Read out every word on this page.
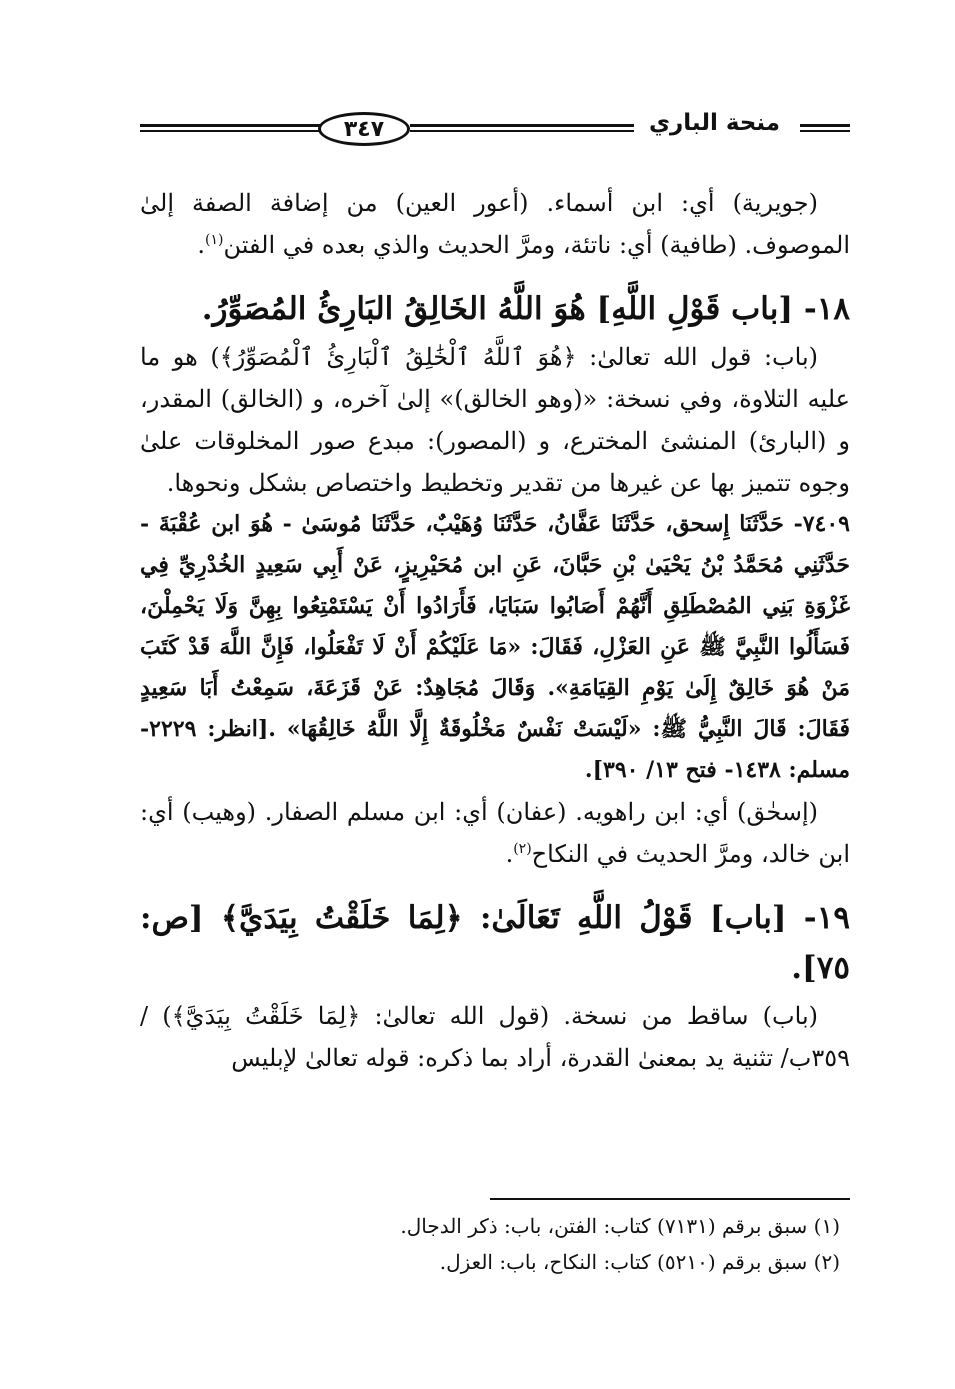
٣٤٧	منحة الباري

(جويرية) أي: ابن أسماء. (أعور العين) من إضافة الصفة إلىٰ الموصوف. (طافية) أي: ناتئة، ومرَّ الحديث والذي بعده في الفتن$^{(١)}$.

١٨- [باب قَوْلِ اللَّهِ] هُوَ اللَّهُ الخَالِقُ البَارِئُ المُصَوِّرُ.

(باب: قول الله تعالىٰ: ﴿هُوَ ٱللَّهُ ٱلْخَٰلِقُ ٱلْبَارِئُ ٱلْمُصَوِّرُ﴾) هو ما عليه التلاوة، وفي نسخة: «(وهو الخالق)» إلىٰ آخره، و (الخالق) المقدر، و (البارئ) المنشئ المخترع، و (المصور): مبدع صور المخلوقات علىٰ وجوه تتميز بها عن غيرها من تقدير وتخطيط واختصاص بشكل ونحوها.

٧٤٠٩- حَدَّثَنَا إِسحق، حَدَّثَنَا عَفَّانُ، حَدَّثَنَا وُهَيْبٌ، حَدَّثَنَا مُوسَىٰ - هُوَ ابن عُقْبَةَ - حَدَّثَنِي مُحَمَّدُ بْنُ يَحْيَىٰ بْنِ حَبَّانَ، عَنِ ابن مُحَيْرِيزٍ، عَنْ أَبِي سَعِيدٍ الخُدْرِيِّ فِي غَزْوَةِ بَنِي المُصْطَلِقِ أَنَّهُمْ أَصَابُوا سَبَايَا، فَأَرَادُوا أَنْ يَسْتَمْتِعُوا بِهِنَّ وَلَا يَحْمِلْنَ، فَسَأَلُوا النَّبِيَّ ﷺ عَنِ العَزْلِ، فَقَالَ: «مَا عَلَيْكُمْ أَنْ لَا تَفْعَلُوا، فَإِنَّ اللَّهَ قَدْ كَتَبَ مَنْ هُوَ خَالِقٌ إِلَىٰ يَوْمِ القِيَامَةِ». وَقَالَ مُجَاهِدٌ: عَنْ قَزَعَةَ، سَمِعْتُ أَبَا سَعِيدٍ فَقَالَ: قَالَ النَّبِيُّ ﷺ: «لَيْسَتْ نَفْسٌ مَخْلُوقَةٌ إِلَّا اللَّهُ خَالِقُهَا» .[انظر: ٢٢٢٩- مسلم: ١٤٣٨- فتح ١٣/ ٣٩٠].

(إسحٰق) أي: ابن راهويه. (عفان) أي: ابن مسلم الصفار. (وهيب) أي: ابن خالد، ومرَّ الحديث في النكاح$^{(٢)}$.

١٩- [باب] قَوْلُ اللَّهِ تَعَالَىٰ: ﴿لِمَا خَلَقْتُ بِيَدَيَّ﴾ [ص: ٧٥].

(باب) ساقط من نسخة. (قول الله تعالىٰ: ﴿لِمَا خَلَقْتُ بِيَدَيَّ﴾) /٣٥٩ب/ تثنية يد بمعنىٰ القدرة، أراد بما ذكره: قوله تعالىٰ لإبليس

(١) سبق برقم (٧١٣١) كتاب: الفتن، باب: ذكر الدجال.

(٢) سبق برقم (٥٢١٠) كتاب: النكاح، باب: العزل.
